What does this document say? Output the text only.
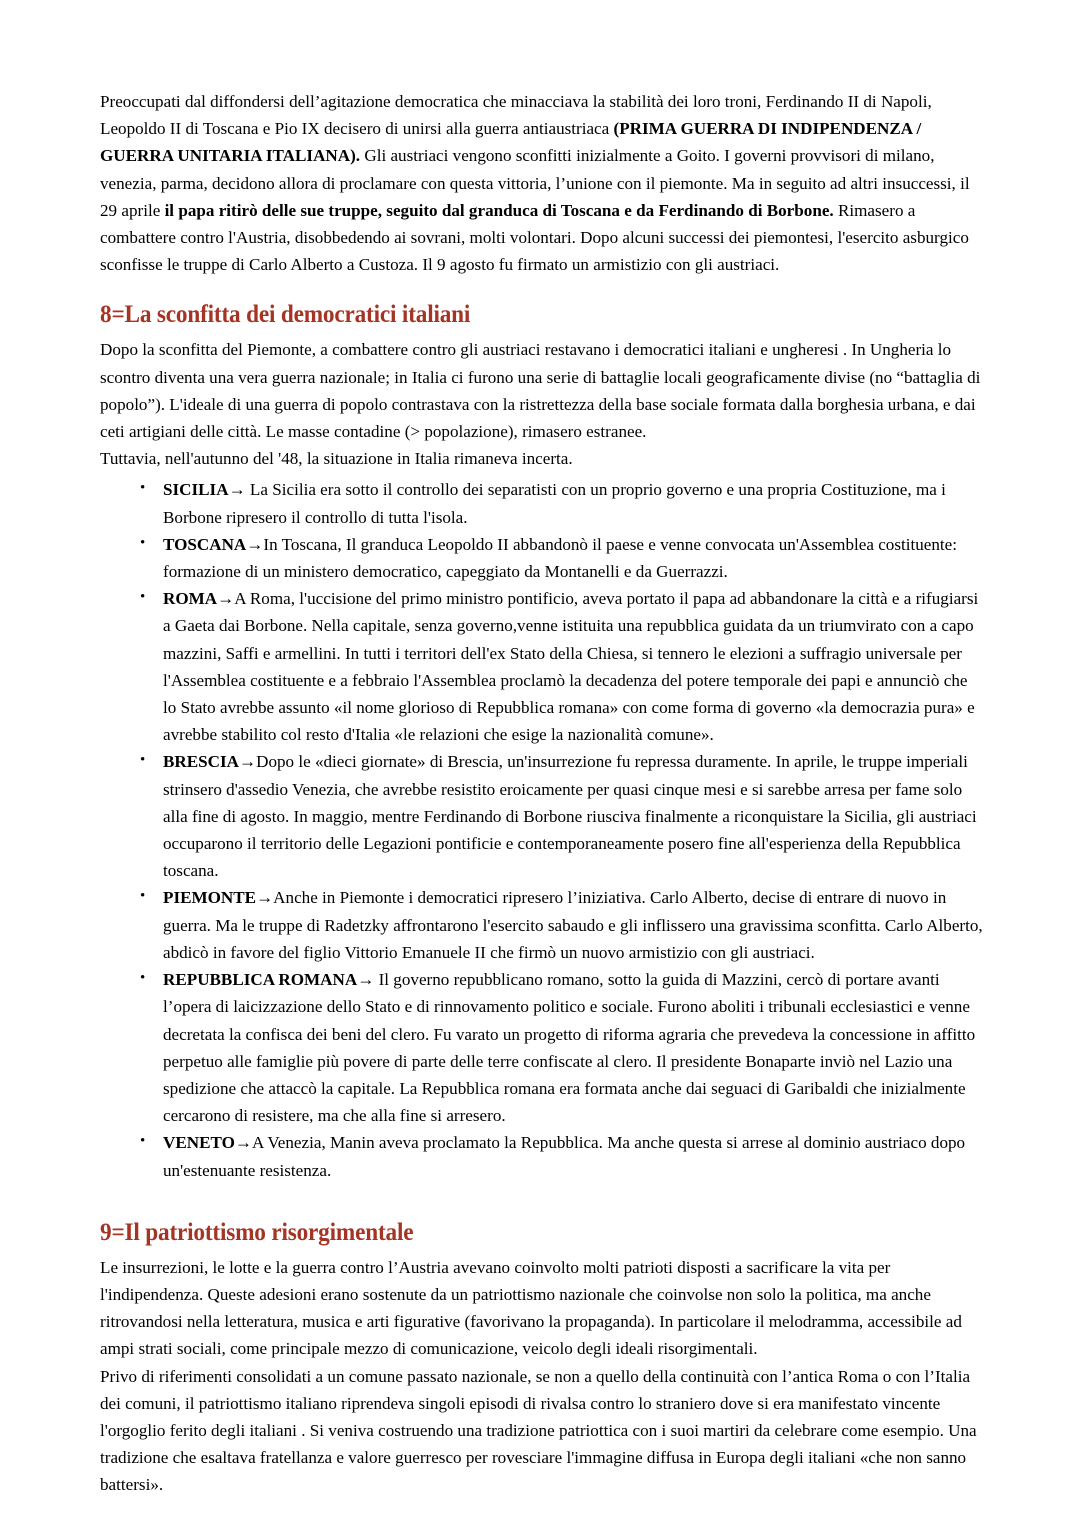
Preoccupati dal diffondersi dell’agitazione democratica che minacciava la stabilità dei loro troni, Ferdinando II di Napoli, Leopoldo II di Toscana e Pio IX decisero di unirsi alla guerra antiaustriaca (PRIMA GUERRA DI INDIPENDENZA / GUERRA UNITARIA ITALIANA). Gli austriaci vengono sconfitti inizialmente a Goito. I governi provvisori di milano, venezia, parma, decidono allora di proclamare con questa vittoria, l’unione con il piemonte. Ma in seguito ad altri insuccessi, il 29 aprile il papa ritirò delle sue truppe, seguito dal granduca di Toscana e da Ferdinando di Borbone. Rimasero a combattere contro l'Austria, disobbedendo ai sovrani, molti volontari. Dopo alcuni successi dei piemontesi, l'esercito asburgico sconfisse le truppe di Carlo Alberto a Custoza. Il 9 agosto fu firmato un armistizio con gli austriaci.

8=La sconfitta dei democratici italiani

Dopo la sconfitta del Piemonte, a combattere contro gli austriaci restavano i democratici italiani e ungheresi . In Ungheria lo scontro diventa una vera guerra nazionale; in Italia ci furono una serie di battaglie locali geograficamente divise (no “battaglia di popolo”). L'ideale di una guerra di popolo contrastava con la ristrettezza della base sociale formata dalla borghesia urbana, e dai ceti artigiani delle città. Le masse contadine (> popolazione), rimasero estranee.

Tuttavia, nell'autunno del '48, la situazione in Italia rimaneva incerta.

• SICILIA→ La Sicilia era sotto il controllo dei separatisti con un proprio governo e una propria Costituzione, ma i Borbone ripresero il controllo di tutta l'isola.
• TOSCANA→In Toscana, Il granduca Leopoldo II abbandonò il paese e venne convocata un'Assemblea costituente: formazione di un ministero democratico, capeggiato da Montanelli e da Guerrazzi.
• ROMA→A Roma, l'uccisione del primo ministro pontificio, aveva portato il papa ad abbandonare la città e a rifugiarsi a Gaeta dai Borbone. Nella capitale, senza governo,venne istituita una repubblica guidata da un triumvirato con a capo mazzini, Saffi e armellini. In tutti i territori dell'ex Stato della Chiesa, si tennero le elezioni a suffragio universale per l'Assemblea costituente e a febbraio l'Assemblea proclamò la decadenza del potere temporale dei papi e annunciò che lo Stato avrebbe assunto «il nome glorioso di Repubblica romana» con come forma di governo «la democrazia pura» e avrebbe stabilito col resto d'Italia «le relazioni che esige la nazionalità comune».
• BRESCIA→Dopo le «dieci giornate» di Brescia, un'insurrezione fu repressa duramente. In aprile, le truppe imperiali strinsero d'assedio Venezia, che avrebbe resistito eroicamente per quasi cinque mesi e si sarebbe arresa per fame solo alla fine di agosto. In maggio, mentre Ferdinando di Borbone riusciva finalmente a riconquistare la Sicilia, gli austriaci occuparono il territorio delle Legazioni pontificie e contemporaneamente posero fine all'esperienza della Repubblica toscana.
• PIEMONTE→Anche in Piemonte i democratici ripresero l’iniziativa. Carlo Alberto, decise di entrare di nuovo in guerra. Ma le truppe di Radetzky affrontarono l'esercito sabaudo e gli inflissero una gravissima sconfitta. Carlo Alberto, abdicò in favore del figlio Vittorio Emanuele II che firmò un nuovo armistizio con gli austriaci.
• REPUBBLICA ROMANA→ Il governo repubblicano romano, sotto la guida di Mazzini, cercò di portare avanti l’opera di laicizzazione dello Stato e di rinnovamento politico e sociale. Furono aboliti i tribunali ecclesiastici e venne decretata la confisca dei beni del clero. Fu varato un progetto di riforma agraria che prevedeva la concessione in affitto perpetuo alle famiglie più povere di parte delle terre confiscate al clero. Il presidente Bonaparte inviò nel Lazio una spedizione che attaccò la capitale. La Repubblica romana era formata anche dai seguaci di Garibaldi che inizialmente cercarono di resistere, ma che alla fine si arresero.
• VENETO→A Venezia, Manin aveva proclamato la Repubblica. Ma anche questa si arrese al dominio austriaco dopo un'estenuante resistenza.
9=Il patriottismo risorgimentale

Le insurrezioni, le lotte e la guerra contro l’Austria avevano coinvolto molti patrioti disposti a sacrificare la vita per l'indipendenza. Queste adesioni erano sostenute da un patriottismo nazionale che coinvolse non solo la politica, ma anche ritrovandosi nella letteratura, musica e arti figurative (favorivano la propaganda). In particolare il melodramma, accessibile ad ampi strati sociali, come principale mezzo di comunicazione, veicolo degli ideali risorgimentali.

Privo di riferimenti consolidati a un comune passato nazionale, se non a quello della continuità con l’antica Roma o con l’Italia dei comuni, il patriottismo italiano riprendeva singoli episodi di rivalsa contro lo straniero dove si era manifestato vincente l'orgoglio ferito degli italiani . Si veniva costruendo una tradizione patriottica con i suoi martiri da celebrare come esempio. Una tradizione che esaltava fratellanza e valore guerresco per rovesciare l'immagine diffusa in Europa degli italiani «che non sanno battersi».
